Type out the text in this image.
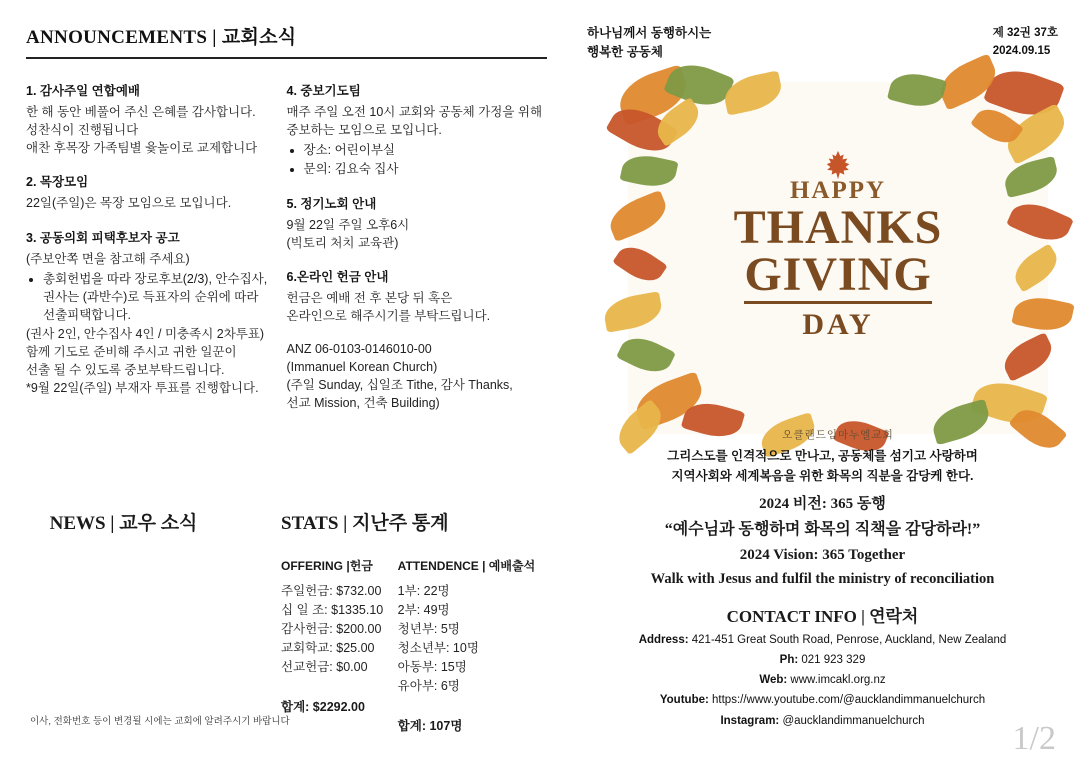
ANNOUNCEMENTS | 교회소식
1. 감사주일 연합예배
한 해 동안 베풀어 주신 은혜를 감사합니다.
성찬식이 진행됩니다
애찬 후목장 가족팀별 윷놀이로 교제합니다
2. 목장모임
22일(주일)은 목장 모임으로 모입니다.
3. 공동의회 피택후보자 공고
(주보안쪽 면을 참고해 주세요)
• 총회헌법을 따라 장로후보(2/3), 안수집사, 권사는 (과반수)로 득표자의 순위에 따라 선출피택합니다.
(권사 2인, 안수집사 4인 / 미충족시 2차투표)
함께 기도로 준비해 주시고 귀한 일꾼이
선출 될 수 있도록 중보부탁드립니다.
*9월 22일(주일) 부재자 투표를 진행합니다.
4. 중보기도팀
매주 주일 오전 10시 교회와 공동체 가정을 위해
중보하는 모임으로 모입니다.
• 장소: 어린이부실
• 문의: 김요숙 집사
5. 정기노회 안내
9월 22일 주일 오후6시
(빅토리 처치 교육관)
6.온라인 헌금 안내
헌금은 예배 전 후 본당 뒤 혹은
온라인으로 해주시기를 부탁드립니다.
ANZ 06-0103-0146010-00
(Immanuel Korean Church)
(주일 Sunday, 십일조 Tithe, 감사 Thanks,
선교 Mission, 건축 Building)
NEWS | 교우 소식	STATS | 지난주 통계
OFFERING |헌금	ATTENDENCE | 예배출석
주일헌금: $732.00
십 일 조: $1335.10
감사헌금: $200.00
교회학교: $25.00
선교헌금: $0.00
합계: $2292.00
1부: 22명
2부: 49명
청년부: 5명
청소년부: 10명
아동부: 15명
유아부: 6명
합계: 107명
이사, 전화번호 등이 변경될 시에는 교회에 알려주시기 바랍니다
하나님께서 동행하시는
행복한 공동체
제 32권 37호
2024.09.15
HAPPY
THANKS
GIVING
DAY
오클랜드임마누엘교회
그리스도를 인격적으로 만나고, 공동체를 섬기고 사랑하며
지역사회와 세계복음을 위한 화목의 직분을 감당케 한다.
2024 비전: 365 동행
“예수님과 동행하며 화목의 직책을 감당하라!”
2024 Vision: 365 Together
Walk with Jesus and fulfil the ministry of reconciliation
CONTACT INFO | 연락처
Address: 421-451 Great South Road, Penrose, Auckland, New Zealand
Ph: 021 923 329
Web: www.imcakl.org.nz
Youtube: https://www.youtube.com/@aucklandimmanuelchurch
Instagram: @aucklandimmanuelchurch	1/2
